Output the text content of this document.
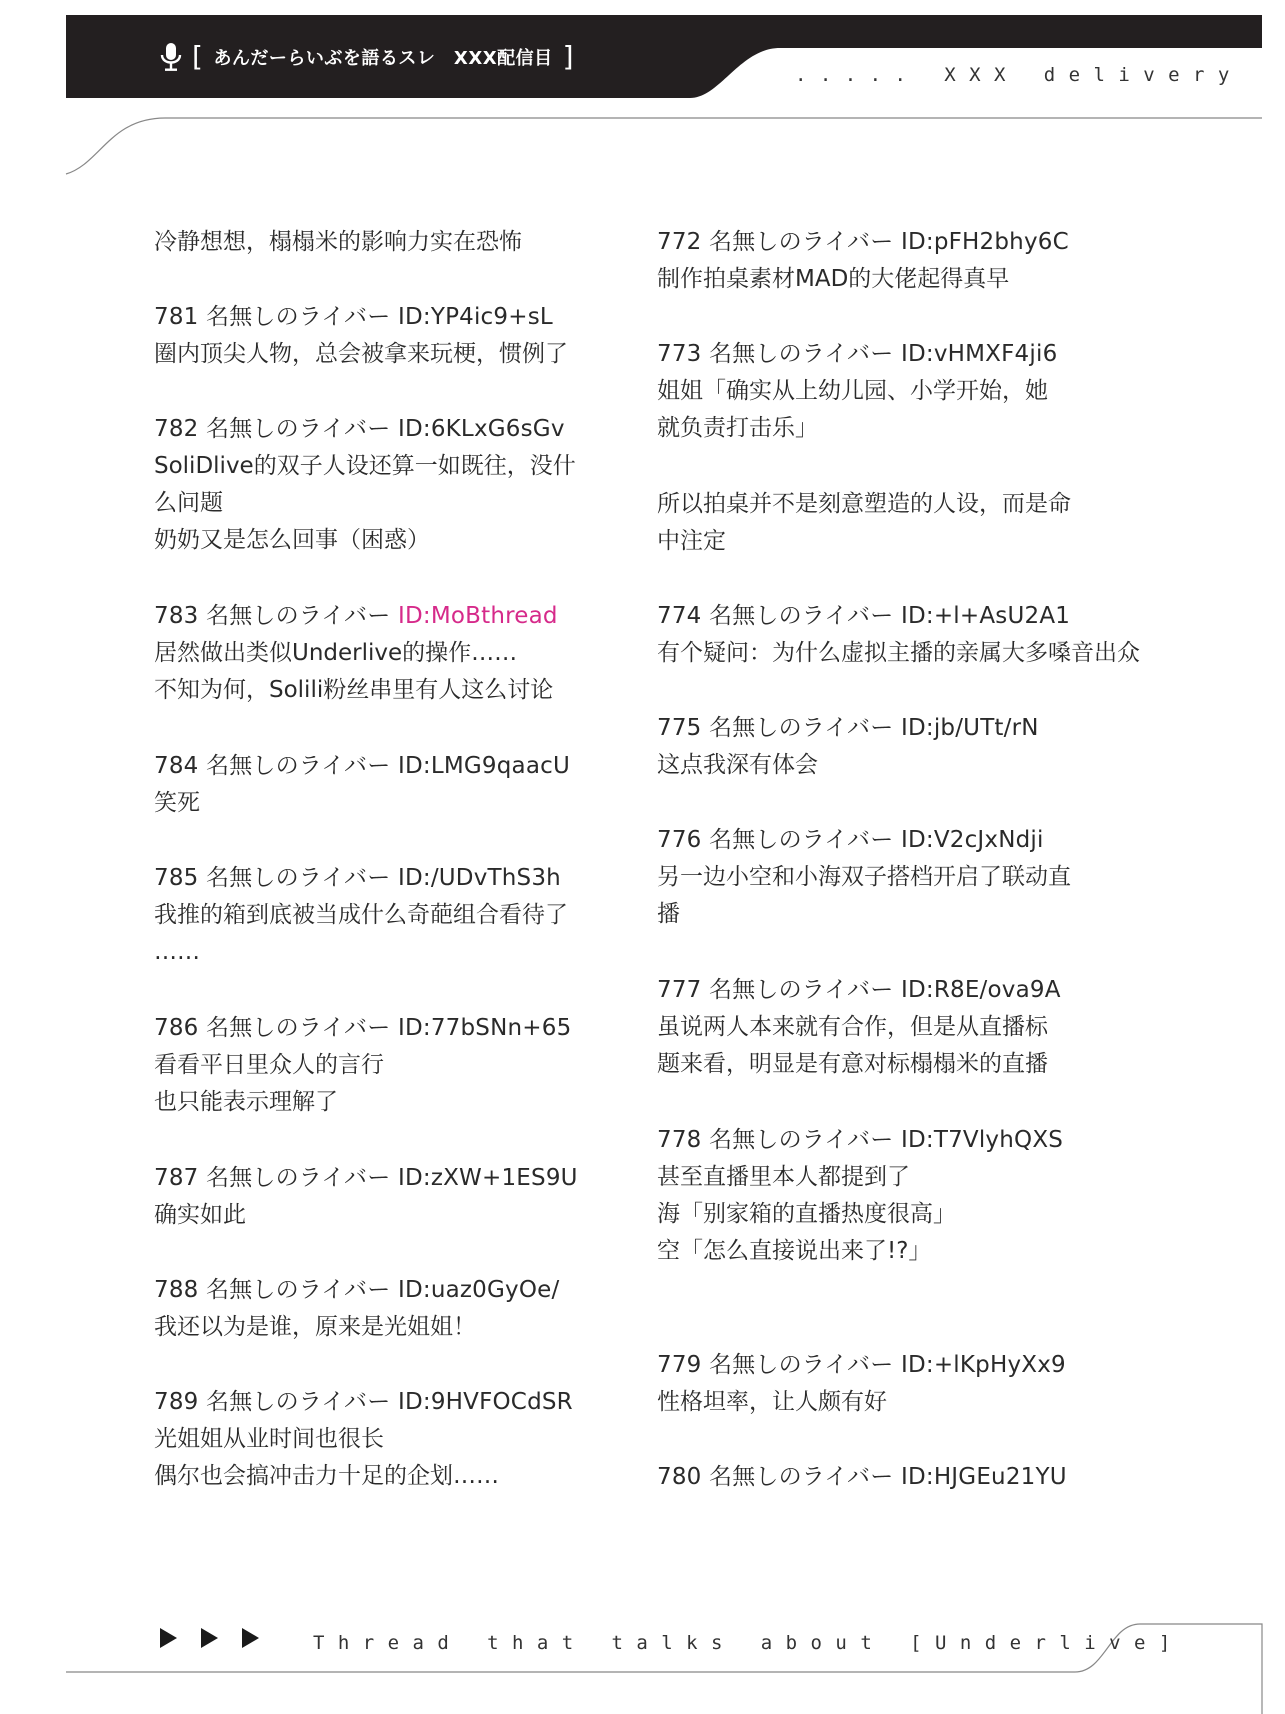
[ あんだーらいぶを語るスレ　XXX配信目 ]
. . . . .   X X X   d e l i v e r y
冷静想想，榻榻米的影响力实在恐怖
781 名無しのライバー ID:YP4ic9+sL
圈内顶尖人物，总会被拿来玩梗，惯例了
782 名無しのライバー ID:6KLxG6sGv
SoliDlive的双子人设还算一如既往，没什
么问题
奶奶又是怎么回事（困惑）
783 名無しのライバー ID:MoBthread
居然做出类似Underlive的操作……
不知为何，Solili粉丝串里有人这么讨论
784 名無しのライバー ID:LMG9qaacU
笑死
785 名無しのライバー ID:/UDvThS3h
我推的箱到底被当成什么奇葩组合看待了
……
786 名無しのライバー ID:77bSNn+65
看看平日里众人的言行
也只能表示理解了
787 名無しのライバー ID:zXW+1ES9U
确实如此
788 名無しのライバー ID:uaz0GyOe/
我还以为是谁，原来是光姐姐！
789 名無しのライバー ID:9HVFOCdSR
光姐姐从业时间也很长
偶尔也会搞冲击力十足的企划……
772 名無しのライバー ID:pFH2bhy6C
制作拍桌素材MAD的大佬起得真早
773 名無しのライバー ID:vHMXF4ji6
姐姐「确实从上幼儿园、小学开始，她
就负责打击乐」
所以拍桌并不是刻意塑造的人设，而是命
中注定
774 名無しのライバー ID:+l+AsU2A1
有个疑问：为什么虚拟主播的亲属大多嗓音出众
775 名無しのライバー ID:jb/UTt/rN
这点我深有体会
776 名無しのライバー ID:V2cJxNdji
另一边小空和小海双子搭档开启了联动直
播
777 名無しのライバー ID:R8E/ova9A
虽说两人本来就有合作，但是从直播标
题来看，明显是有意对标榻榻米的直播
778 名無しのライバー ID:T7VlyhQXS
甚至直播里本人都提到了
海「别家箱的直播热度很高」
空「怎么直接说出来了!?」
779 名無しのライバー ID:+lKpHyXx9
性格坦率，让人颇有好
780 名無しのライバー ID:HJGEu21YU
T h r e a d   t h a t   t a l k s   a b o u t   [ U n d e r l i v e ]
